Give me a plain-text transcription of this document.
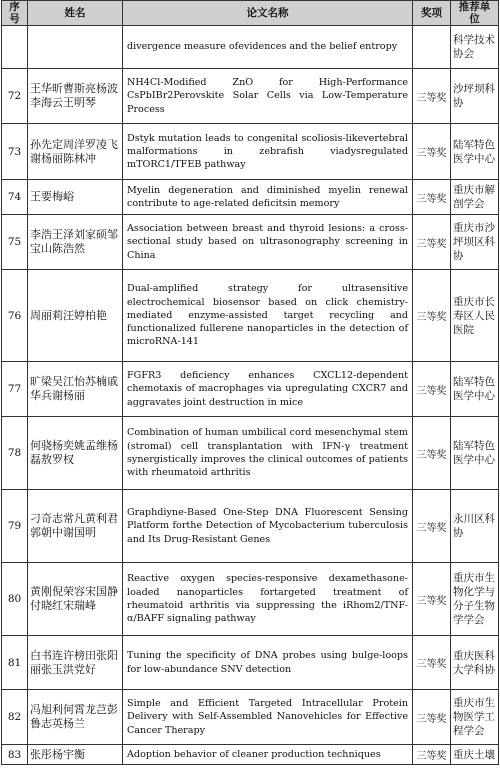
序号	姓名	论文名称	奖项	推荐单位
		divergence measure ofevidences and the belief entropy		科学技术协会
72	王华昕曹斯亮杨波李海云王明琴	NH4Cl-Modified ZnO for High-Performance CsPbIBr2Perovskite Solar Cells via Low-Temperature Process	三等奖	沙坪坝科协
73	孙先定周洋罗凌飞谢杨丽陈林冲	Dstyk mutation leads to congenital scoliosis-likevertebral malformations in zebrafish viadysregulated mTORC1/TFEB pathway	三等奖	陆军特色医学中心
74	王要梅峪	Myelin degeneration and diminished myelin renewal contribute to age-related deficitsin memory	三等奖	重庆市解剖学会
75	李浩王泽刘家硕邹宝山陈浩然	Association between breast and thyroid lesions: a cross-sectional study based on ultrasonography screening in China	三等奖	重庆市沙坪坝区科协
76	周丽莉汪婷柏艳	Dual-amplified strategy for ultrasensitive electrochemical biosensor based on click chemistry-mediated enzyme-assisted target recycling and functionalized fullerene nanoparticles in the detection of microRNA-141	三等奖	重庆市长寿区人民医院
77	旷梁吴江怡苏楠戚华兵谢杨丽	FGFR3 deficiency enhances CXCL12-dependent chemotaxis of macrophages via upregulating CXCR7 and aggravates joint destruction in mice	三等奖	陆军特色医学中心
78	何骁杨奕姚孟维杨磊敖罗权	Combination of human umbilical cord mesenchymal stem (stromal) cell transplantation with IFN-γ treatment synergistically improves the clinical outcomes of patients with rheumatoid arthritis	三等奖	陆军特色医学中心
79	刁奇志常凡黄利君郭朝中谢国明	Graphdiyne-Based One-Step DNA Fluorescent Sensing Platform forthe Detection of Mycobacterium tuberculosis and Its Drug-Resistant Genes	三等奖	永川区科协
80	黄刚倪荣容宋国静付晓红宋瑞峰	Reactive oxygen species-responsive dexamethasone-loaded nanoparticles fortargeted treatment of rheumatoid arthritis via suppressing the iRhom2/TNF-α/BAFF signaling pathway	三等奖	重庆市生物化学与分子生物学学会
81	白书连许榜田张阳丽张玉洪党好	Tuning the specificity of DNA probes using bulge-loops for low-abundance SNV detection	三等奖	重庆医科大学科协
82	冯旭利何霄龙芑彭鲁志英杨兰	Simple and Efficient Targeted Intracellular Protein Delivery with Self-Assembled Nanovehicles for Effective Cancer Therapy	三等奖	重庆市生物医学工程学会
83	张彤杨宇衡	Adoption behavior of cleaner production techniques	三等奖	重庆土壤
